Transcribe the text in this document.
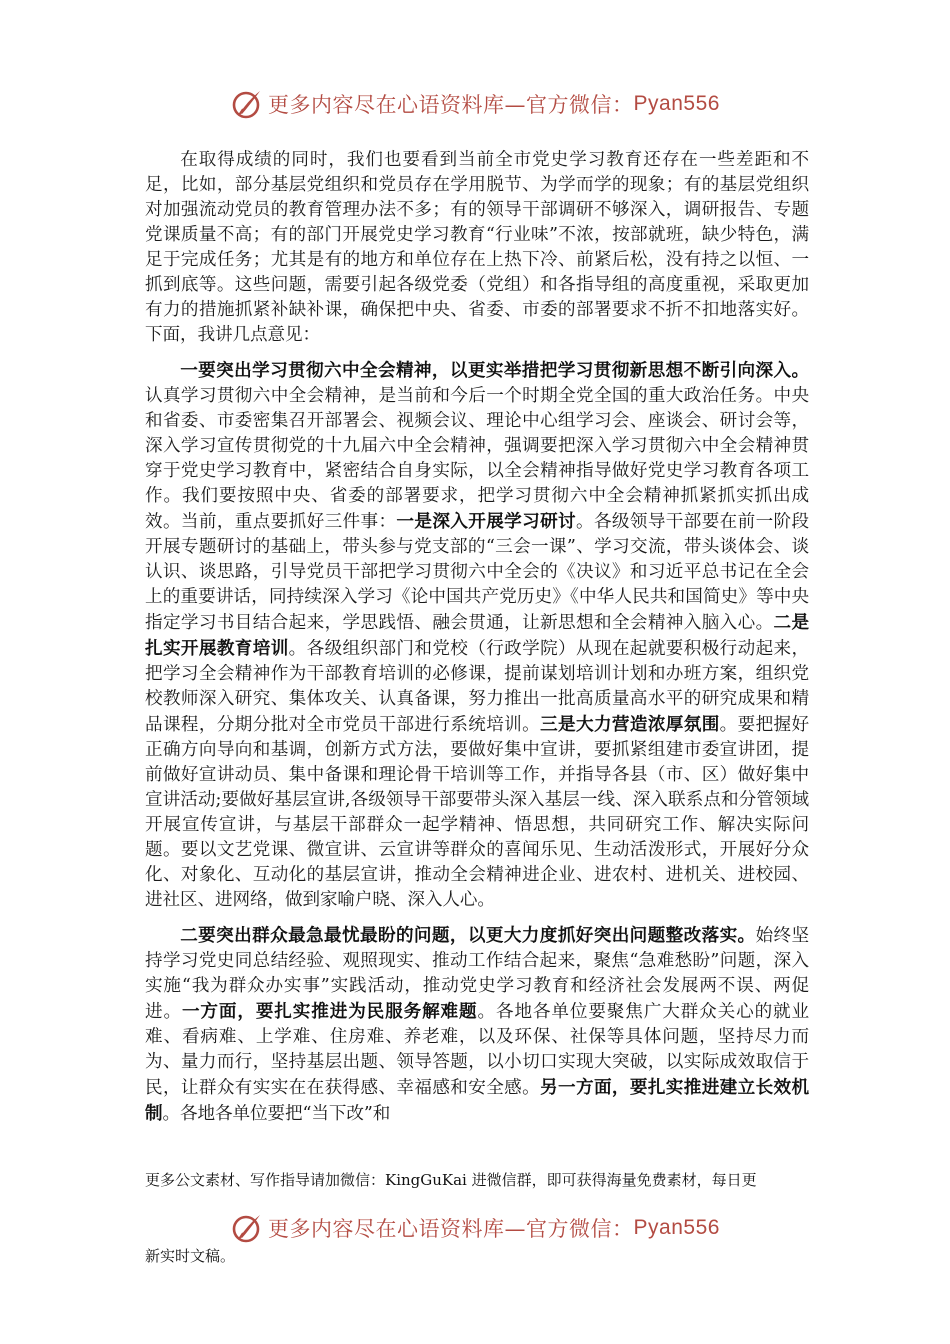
更多内容尽在心语资料库—官方微信： Pyan556

在取得成绩的同时，我们也要看到当前全市党史学习教育还存在一些差距和不足，比如，部分基层党组织和党员存在学用脱节、为学而学的现象；有的基层党组织对加强流动党员的教育管理办法不多；有的领导干部调研不够深入，调研报告、专题党课质量不高；有的部门开展党史学习教育“行业味”不浓，按部就班，缺少特色，满足于完成任务；尤其是有的地方和单位存在上热下冷、前紧后松，没有持之以恒、一抓到底等。这些问题，需要引起各级党委（党组）和各指导组的高度重视，采取更加有力的措施抓紧补缺补课，确保把中央、省委、市委的部署要求不折不扣地落实好。下面，我讲几点意见：

一要突出学习贯彻六中全会精神，以更实举措把学习贯彻新思想不断引向深入。认真学习贯彻六中全会精神，是当前和今后一个时期全党全国的重大政治任务。中央和省委、市委密集召开部署会、视频会议、理论中心组学习会、座谈会、研讨会等，深入学习宣传贯彻党的十九届六中全会精神，强调要把深入学习贯彻六中全会精神贯穿于党史学习教育中，紧密结合自身实际，以全会精神指导做好党史学习教育各项工作。我们要按照中央、省委的部署要求，把学习贯彻六中全会精神抓紧抓实抓出成效。当前，重点要抓好三件事：一是深入开展学习研讨。各级领导干部要在前一阶段开展专题研讨的基础上，带头参与党支部的“三会一课”、学习交流，带头谈体会、谈认识、谈思路，引导党员干部把学习贯彻六中全会的《决议》和习近平总书记在全会上的重要讲话，同持续深入学习《论中国共产党历史》《中华人民共和国简史》等中央指定学习书目结合起来，学思践悟、融会贯通，让新思想和全会精神入脑入心。二是扎实开展教育培训。各级组织部门和党校（行政学院）从现在起就要积极行动起来，把学习全会精神作为干部教育培训的必修课，提前谋划培训计划和办班方案，组织党校教师深入研究、集体攻关、认真备课，努力推出一批高质量高水平的研究成果和精品课程，分期分批对全市党员干部进行系统培训。三是大力营造浓厚氛围。要把握好正确方向导向和基调，创新方式方法，要做好集中宣讲，要抓紧组建市委宣讲团，提前做好宣讲动员、集中备课和理论骨干培训等工作，并指导各县（市、区）做好集中宣讲活动;要做好基层宣讲,各级领导干部要带头深入基层一线、深入联系点和分管领域开展宣传宣讲，与基层干部群众一起学精神、悟思想，共同研究工作、解决实际问题。要以文艺党课、微宣讲、云宣讲等群众的喜闻乐见、生动活泼形式，开展好分众化、对象化、互动化的基层宣讲，推动全会精神进企业、进农村、进机关、进校园、进社区、进网络，做到家喻户晓、深入人心。

二要突出群众最急最忧最盼的问题，以更大力度抓好突出问题整改落实。始终坚持学习党史同总结经验、观照现实、推动工作结合起来，聚焦“急难愁盼”问题，深入实施“我为群众办实事”实践活动，推动党史学习教育和经济社会发展两不误、两促进。一方面，要扎实推进为民服务解难题。各地各单位要聚焦广大群众关心的就业难、看病难、上学难、住房难、养老难，以及环保、社保等具体问题，坚持尽力而为、量力而行，坚持基层出题、领导答题，以小切口实现大突破，以实际成效取信于民，让群众有实实在在获得感、幸福感和安全感。另一方面，要扎实推进建立长效机制。各地各单位要把“当下改”和

更多公文素材、写作指导请加微信：KingGuKai 进微信群，即可获得海量免费素材，每日更

更多内容尽在心语资料库—官方微信： Pyan556

新实时文稿。
